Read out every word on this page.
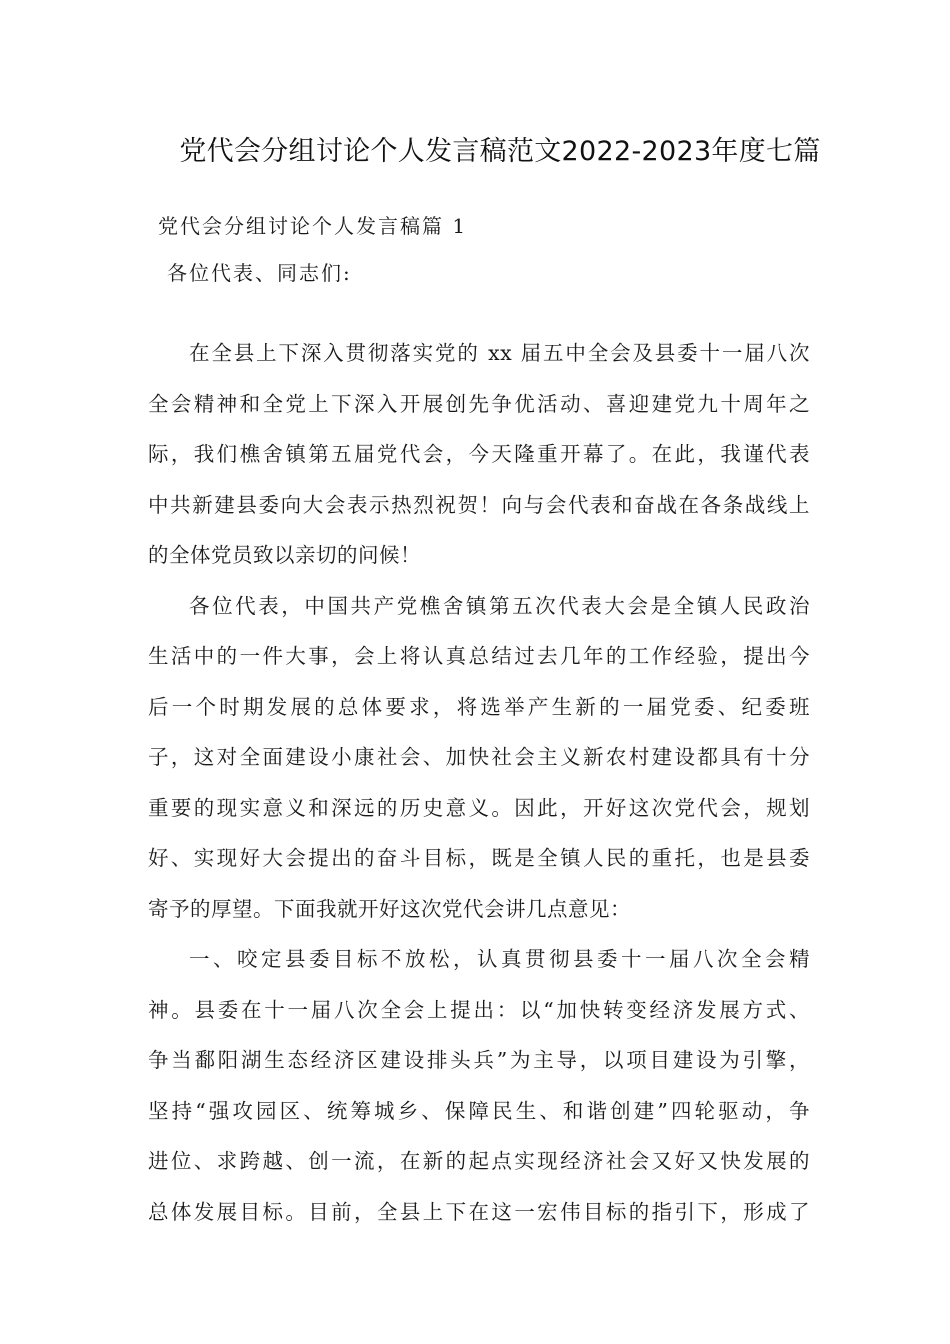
党代会分组讨论个人发言稿范文2022-2023年度七篇
党代会分组讨论个人发言稿篇 1
各位代表、同志们:
在全县上下深入贯彻落实党的 xx 届五中全会及县委十一届八次
全会精神和全党上下深入开展创先争优活动、喜迎建党九十周年之
际，我们樵舍镇第五届党代会，今天隆重开幕了。在此，我谨代表
中共新建县委向大会表示热烈祝贺！向与会代表和奋战在各条战线上
的全体党员致以亲切的问候！
各位代表，中国共产党樵舍镇第五次代表大会是全镇人民政治
生活中的一件大事，会上将认真总结过去几年的工作经验，提出今
后一个时期发展的总体要求，将选举产生新的一届党委、纪委班
子，这对全面建设小康社会、加快社会主义新农村建设都具有十分
重要的现实意义和深远的历史意义。因此，开好这次党代会，规划
好、实现好大会提出的奋斗目标，既是全镇人民的重托，也是县委
寄予的厚望。下面我就开好这次党代会讲几点意见：
一、咬定县委目标不放松，认真贯彻县委十一届八次全会精
神。县委在十一届八次全会上提出：以“加快转变经济发展方式、
争当鄱阳湖生态经济区建设排头兵”为主导，以项目建设为引擎，
坚持“强攻园区、统筹城乡、保障民生、和谐创建”四轮驱动，争
进位、求跨越、创一流，在新的起点实现经济社会又好又快发展的
总体发展目标。目前，全县上下在这一宏伟目标的指引下，形成了
